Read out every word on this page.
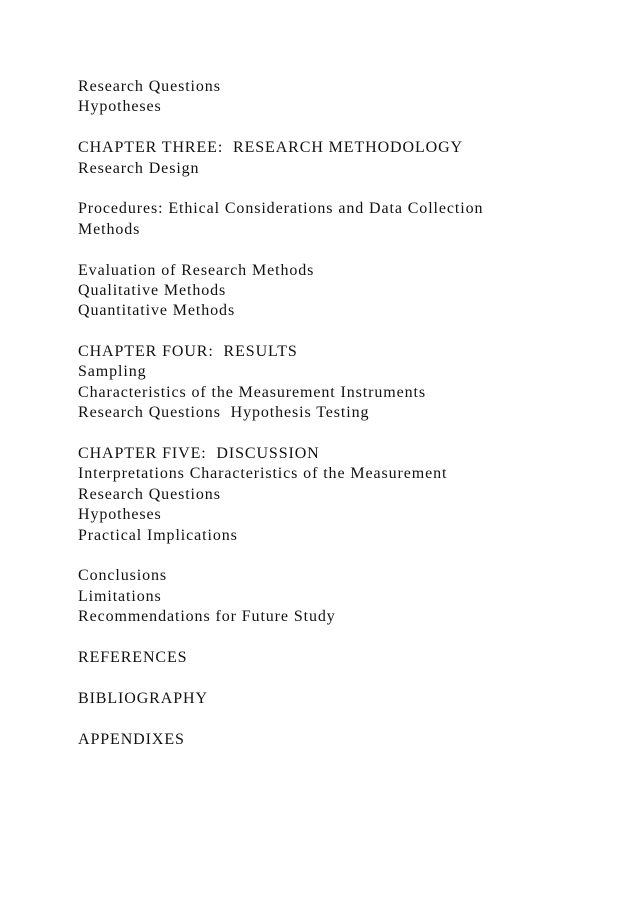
Research Questions
Hypotheses
CHAPTER THREE:  RESEARCH METHODOLOGY
Research Design
Procedures: Ethical Considerations and Data Collection
Methods
Evaluation of Research Methods
Qualitative Methods
Quantitative Methods
CHAPTER FOUR:  RESULTS
Sampling
Characteristics of the Measurement Instruments
Research Questions  Hypothesis Testing
CHAPTER FIVE:  DISCUSSION
Interpretations Characteristics of the Measurement
Research Questions
Hypotheses
Practical Implications
Conclusions
Limitations
Recommendations for Future Study
REFERENCES
BIBLIOGRAPHY
APPENDIXES
